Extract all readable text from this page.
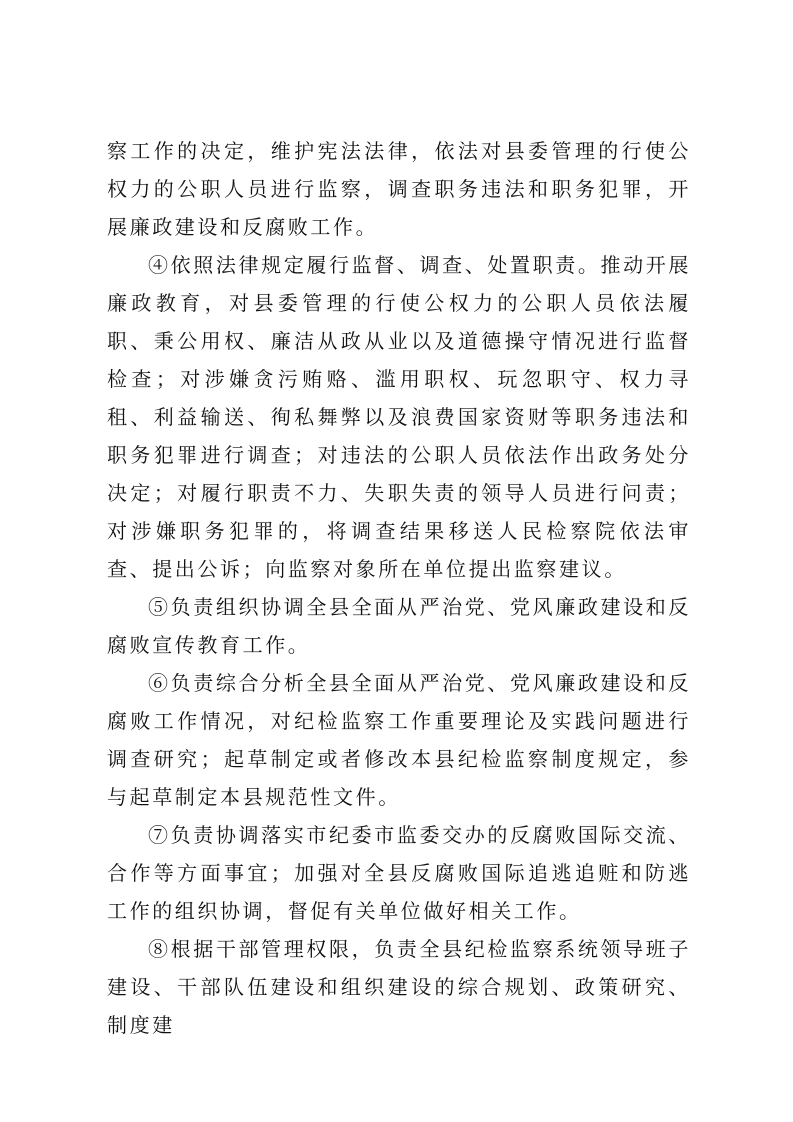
察工作的决定，维护宪法法律，依法对县委管理的行使公权力的公职人员进行监察，调查职务违法和职务犯罪，开展廉政建设和反腐败工作。

④依照法律规定履行监督、调查、处置职责。推动开展廉政教育，对县委管理的行使公权力的公职人员依法履职、秉公用权、廉洁从政从业以及道德操守情况进行监督检查；对涉嫌贪污贿赂、滥用职权、玩忽职守、权力寻租、利益输送、徇私舞弊以及浪费国家资财等职务违法和职务犯罪进行调查；对违法的公职人员依法作出政务处分决定；对履行职责不力、失职失责的领导人员进行问责；对涉嫌职务犯罪的，将调查结果移送人民检察院依法审查、提出公诉；向监察对象所在单位提出监察建议。

⑤负责组织协调全县全面从严治党、党风廉政建设和反腐败宣传教育工作。

⑥负责综合分析全县全面从严治党、党风廉政建设和反腐败工作情况，对纪检监察工作重要理论及实践问题进行调查研究；起草制定或者修改本县纪检监察制度规定，参与起草制定本县规范性文件。

⑦负责协调落实市纪委市监委交办的反腐败国际交流、合作等方面事宜；加强对全县反腐败国际追逃追赃和防逃工作的组织协调，督促有关单位做好相关工作。

⑧根据干部管理权限，负责全县纪检监察系统领导班子建设、干部队伍建设和组织建设的综合规划、政策研究、制度建
